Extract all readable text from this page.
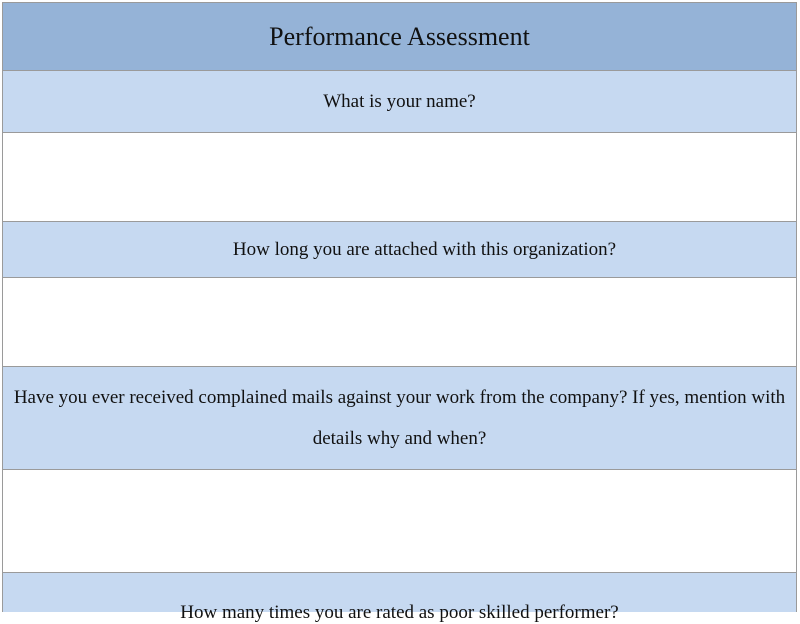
Performance Assessment
What is your name?
How long you are attached with this organization?
Have you ever received complained mails against your work from the company? If yes, mention with details why and when?
How many times you are rated as poor skilled performer?
